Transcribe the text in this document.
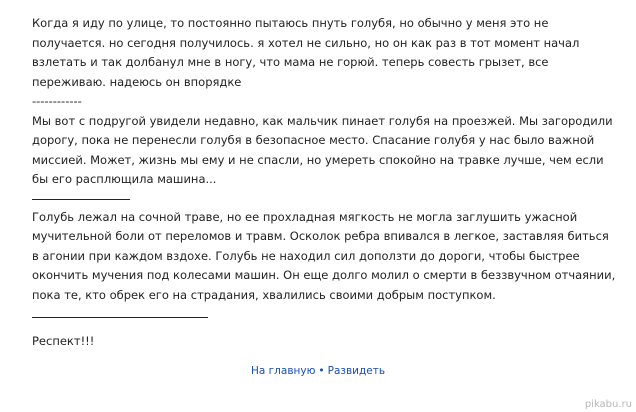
Когда я иду по улице, то постоянно пытаюсь пнуть голубя, но обычно у меня это не
получается. но сегодня получилось. я хотел не сильно, но он как раз в тот момент начал
взлетать и так долбанул мне в ногу, что мама не горюй. теперь совесть грызет, все
переживаю. надеюсь он впорядке

------------

Мы вот с подругой увидели недавно, как мальчик пинает голубя на проезжей. Мы загородили
дорогу, пока не перенесли голубя в безопасное место. Спасание голубя у нас было важной
миссией. Может, жизнь мы ему и не спасли, но умереть спокойно на травке лучше, чем если
бы его расплющила машина...

Голубь лежал на сочной траве, но ее прохладная мягкость не могла заглушить ужасной
мучительной боли от переломов и травм. Осколок ребра впивался в легкое, заставляя биться
в агонии при каждом вздохе. Голубь не находил сил доползти до дороги, чтобы быстрее
окончить мучения под колесами машин. Он еще долго молил о смерти в беззвучном отчаянии,
пока те, кто обрек его на страдания, хвалились своими добрым поступком.

Респект!!!

На главную • Развидеть
pikabu.ru
